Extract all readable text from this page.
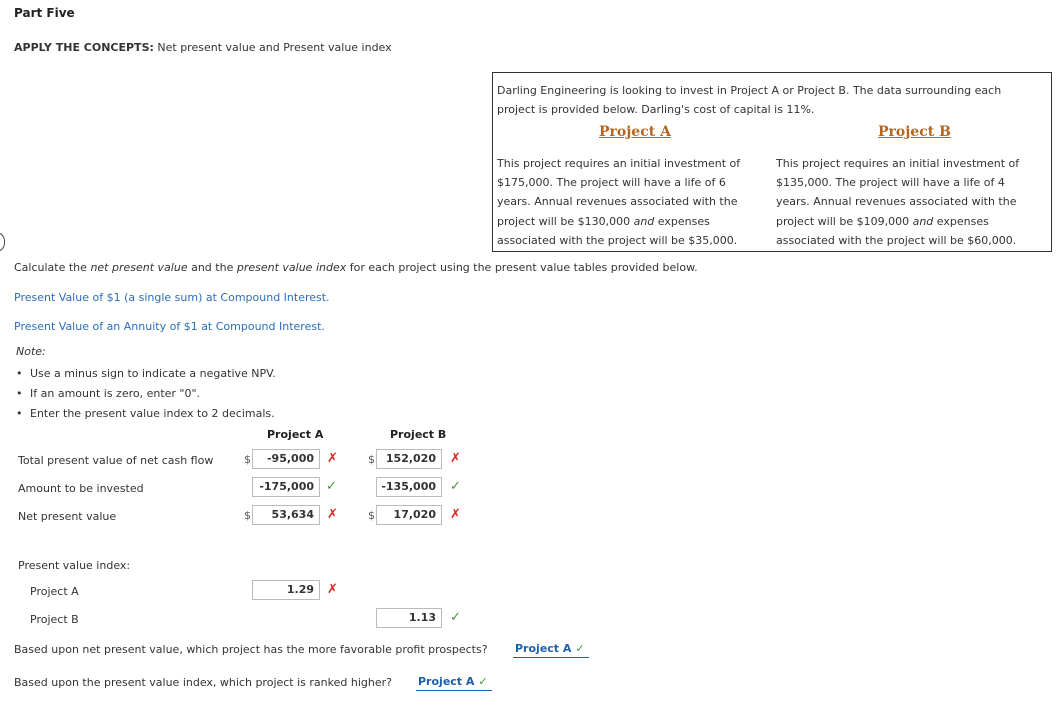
Part Five
APPLY THE CONCEPTS: Net present value and Present value index
Darling Engineering is looking to invest in Project A or Project B. The data surrounding each project is provided below. Darling's cost of capital is 11%.
Project A	Project B
This project requires an initial investment of
$175,000. The project will have a life of 6
years. Annual revenues associated with the
project will be $130,000 and expenses
associated with the project will be $35,000.
This project requires an initial investment of
$135,000. The project will have a life of 4
years. Annual revenues associated with the
project will be $109,000 and expenses
associated with the project will be $60,000.
Calculate the net present value and the present value index for each project using the present value tables provided below.
Present Value of $1 (a single sum) at Compound Interest.
Present Value of an Annuity of $1 at Compound Interest.
Note:
• Use a minus sign to indicate a negative NPV.
• If an amount is zero, enter "0".
• Enter the present value index to 2 decimals.
Project A	Project B
Total present value of net cash flow	$	-95,000	✗	$ 152,020	✗
Amount to be invested	-175,000 ✓	-135,000	✓
Net present value	$	53,634	✗	$	17,020	✗
Present value index:
Project A	1.29	✗
Project B	1.13	✓
Based upon net present value, which project has the more favorable profit prospects? Project A ✓
Based upon the present value index, which project is ranked higher? Project A ✓
